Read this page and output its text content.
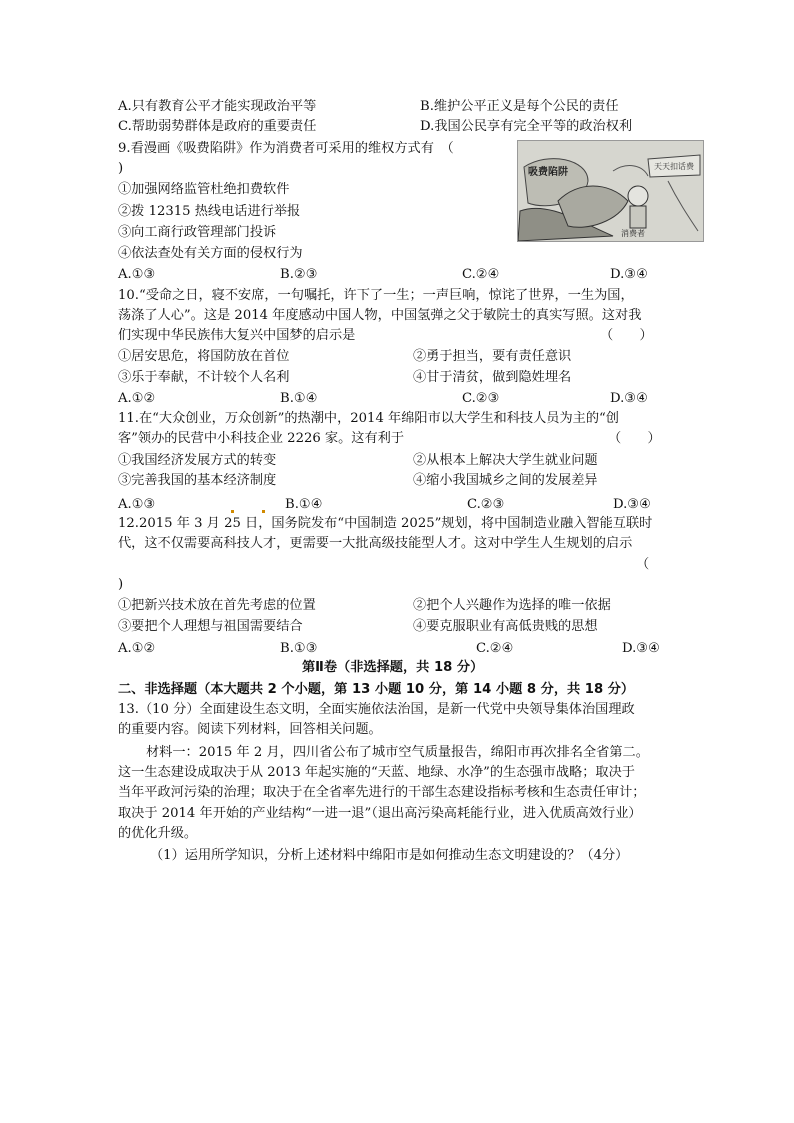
A.只有教育公平才能实现政治平等	B.维护公平正义是每个公民的责任
C.帮助弱势群体是政府的重要责任	D.我国公民享有完全平等的政治权利
9.看漫画《吸费陷阱》作为消费者可采用的维权方式有　（
)
①加强网络监管杜绝扣费软件
②拨 12315 热线电话进行举报
③向工商行政管理部门投诉
④依法查处有关方面的侵权行为
A.①③	B.②③	C.②④	D.③④
吸费陷阱
天天扣话费
消费者
10.“受命之日，寝不安席，一句嘱托，许下了一生；一声巨响，惊诧了世界，一生为国，
荡涤了人心”。这是 2014 年度感动中国人物，中国氢弹之父于敏院士的真实写照。这对我
们实现中华民族伟大复兴中国梦的启示是	（　　）
①居安思危，将国防放在首位	②勇于担当，要有责任意识
③乐于奉献，不计较个人名利	④甘于清贫，做到隐姓埋名
A.①②	B.①④	C.②③	D.③④
11.在“大众创业，万众创新”的热潮中，2014 年绵阳市以大学生和科技人员为主的“创
客”领办的民营中小科技企业 2226 家。这有利于	（　　）
①我国经济发展方式的转变	②从根本上解决大学生就业问题
③完善我国的基本经济制度	④缩小我国城乡之间的发展差异
A.①③	B.①④	C.②③	D.③④
12.2015 年 3 月 25 日，国务院发布“中国制造 2025”规划，将中国制造业融入智能互联时
代，这不仅需要高科技人才，更需要一大批高级技能型人才。这对中学生人生规划的启示
（
)
①把新兴技术放在首先考虑的位置	②把个人兴趣作为选择的唯一依据
③要把个人理想与祖国需要结合	④要克服职业有高低贵贱的思想
A.①②	B.①③	C.②④	D.③④
第Ⅱ卷（非选择题，共 18 分）
二、非选择题（本大题共 2 个小题，第 13 小题 10 分，第 14 小题 8 分，共 18 分）
13.（10 分）全面建设生态文明，全面实施依法治国，是新一代党中央领导集体治国理政
的重要内容。阅读下列材料，回答相关问题。
材料一：2015 年 2 月，四川省公布了城市空气质量报告，绵阳市再次排名全省第二。
这一生态建设成取决于从 2013 年起实施的“天蓝、地绿、水净”的生态强市战略；取决于
当年平政河污染的治理；取决于在全省率先进行的干部生态建设指标考核和生态责任审计；
取决于 2014 年开始的产业结构“一进一退”（退出高污染高耗能行业，进入优质高效行业）
的优化升级。
（1）运用所学知识，分析上述材料中绵阳市是如何推动生态文明建设的？（4分）
